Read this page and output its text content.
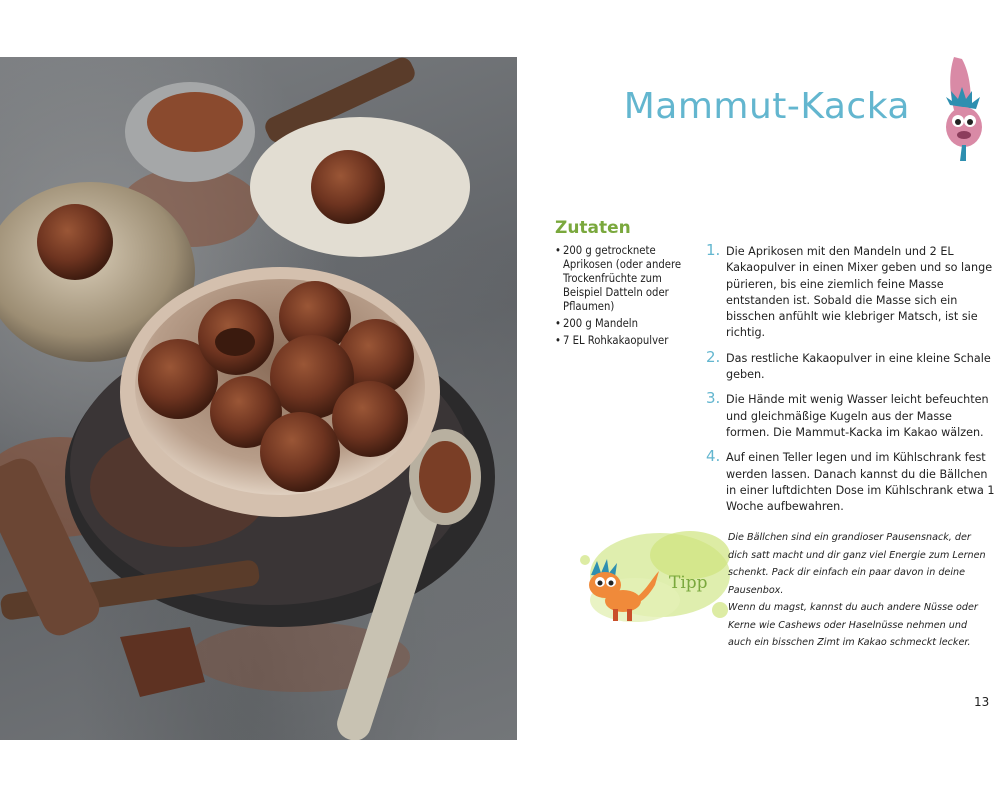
Mammut-Kacka
Zutaten
• 200 g getrocknete Aprikosen (oder andere Trockenfrüchte zum Beispiel Datteln oder Pflaumen)
• 200 g Mandeln
• 7 EL Rohkakaopulver
1. Die Aprikosen mit den Mandeln und 2 EL Kakaopulver in einen Mixer geben und so lange pürieren, bis eine ziemlich feine Masse entstanden ist. Sobald die Masse sich ein bisschen anfühlt wie klebriger Matsch, ist sie richtig.
2. Das restliche Kakaopulver in eine kleine Schale geben.
3. Die Hände mit wenig Wasser leicht befeuchten und gleichmäßige Kugeln aus der Masse formen. Die Mammut-Kacka im Kakao wälzen.
4. Auf einen Teller legen und im Kühlschrank fest werden lassen. Danach kannst du die Bällchen in einer luftdichten Dose im Kühlschrank etwa 1 Woche aufbewahren.
Tipp

Die Bällchen sind ein grandioser Pausensnack, der dich satt macht und dir ganz viel Energie zum Lernen schenkt. Pack dir einfach ein paar davon in deine Pausenbox.

Wenn du magst, kannst du auch andere Nüsse oder Kerne wie Cashews oder Haselnüsse nehmen und auch ein bisschen Zimt im Kakao schmeckt lecker.

13
